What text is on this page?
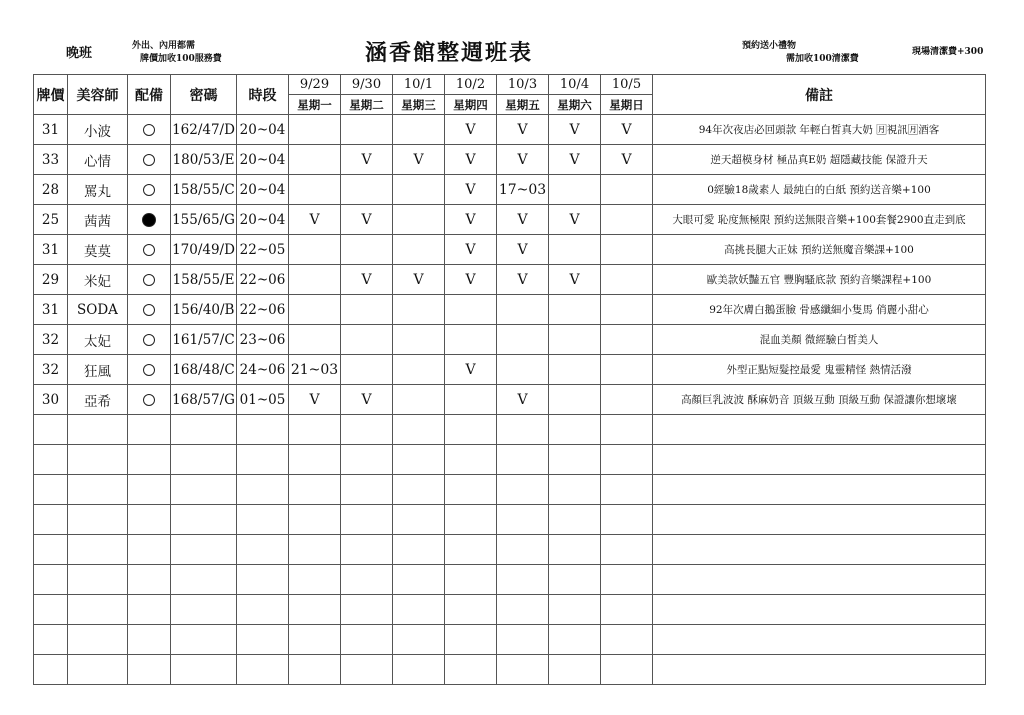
涵香館整週班表
晚班	外出、內用都需
牌價加收100服務費
預約送小禮物
需加收100清潔費
現場清潔費+300
牌價	美容師	配備	密碼	時段	9/29	9/30	10/1	10/2	10/3	10/4	10/5	備註
					星期一	星期二	星期三	星期四	星期五	星期六	星期日	
31	小波		162/47/D	20~04				V	V	V	V	94年次夜店必回頭款 年輕白皙真大奶 🈷視訊🈷酒客
33	心情		180/53/E	20~04		V	V	V	V	V	V	逆天超模身材 極品真E奶 超隱藏技能 保證升天
28	罵丸		158/55/C	20~04				V	17~03			0經驗18歲素人 最純白的白紙 預約送音樂+100
25	茜茜		155/65/G	20~04	V	V		V	V	V		大眼可愛 恥度無極限 預約送無限音樂+100套餐2900直走到底
31	莫莫		170/49/D	22~05				V	V			高挑長腿大正妹 預約送無魔音樂課+100
29	米妃		158/55/E	22~06		V	V	V	V	V		歐美款妖豔五官 豐胸騷底款 預約音樂課程+100
31	SODA		156/40/B	22~06								92年次膚白鵝蛋臉 骨感纖細小隻馬 俏麗小甜心
32	太妃		161/57/C	23~06								混血美顏 微經驗白皙美人
32	狂風		168/48/C	24~06	21~03			V				外型正點短髮控最愛 鬼靈精怪 熱情活潑
30	亞希		168/57/G	01~05	V	V			V			高顏巨乳波波 酥麻奶音 頂級互動 頂級互動 保證讓你想壞壞
